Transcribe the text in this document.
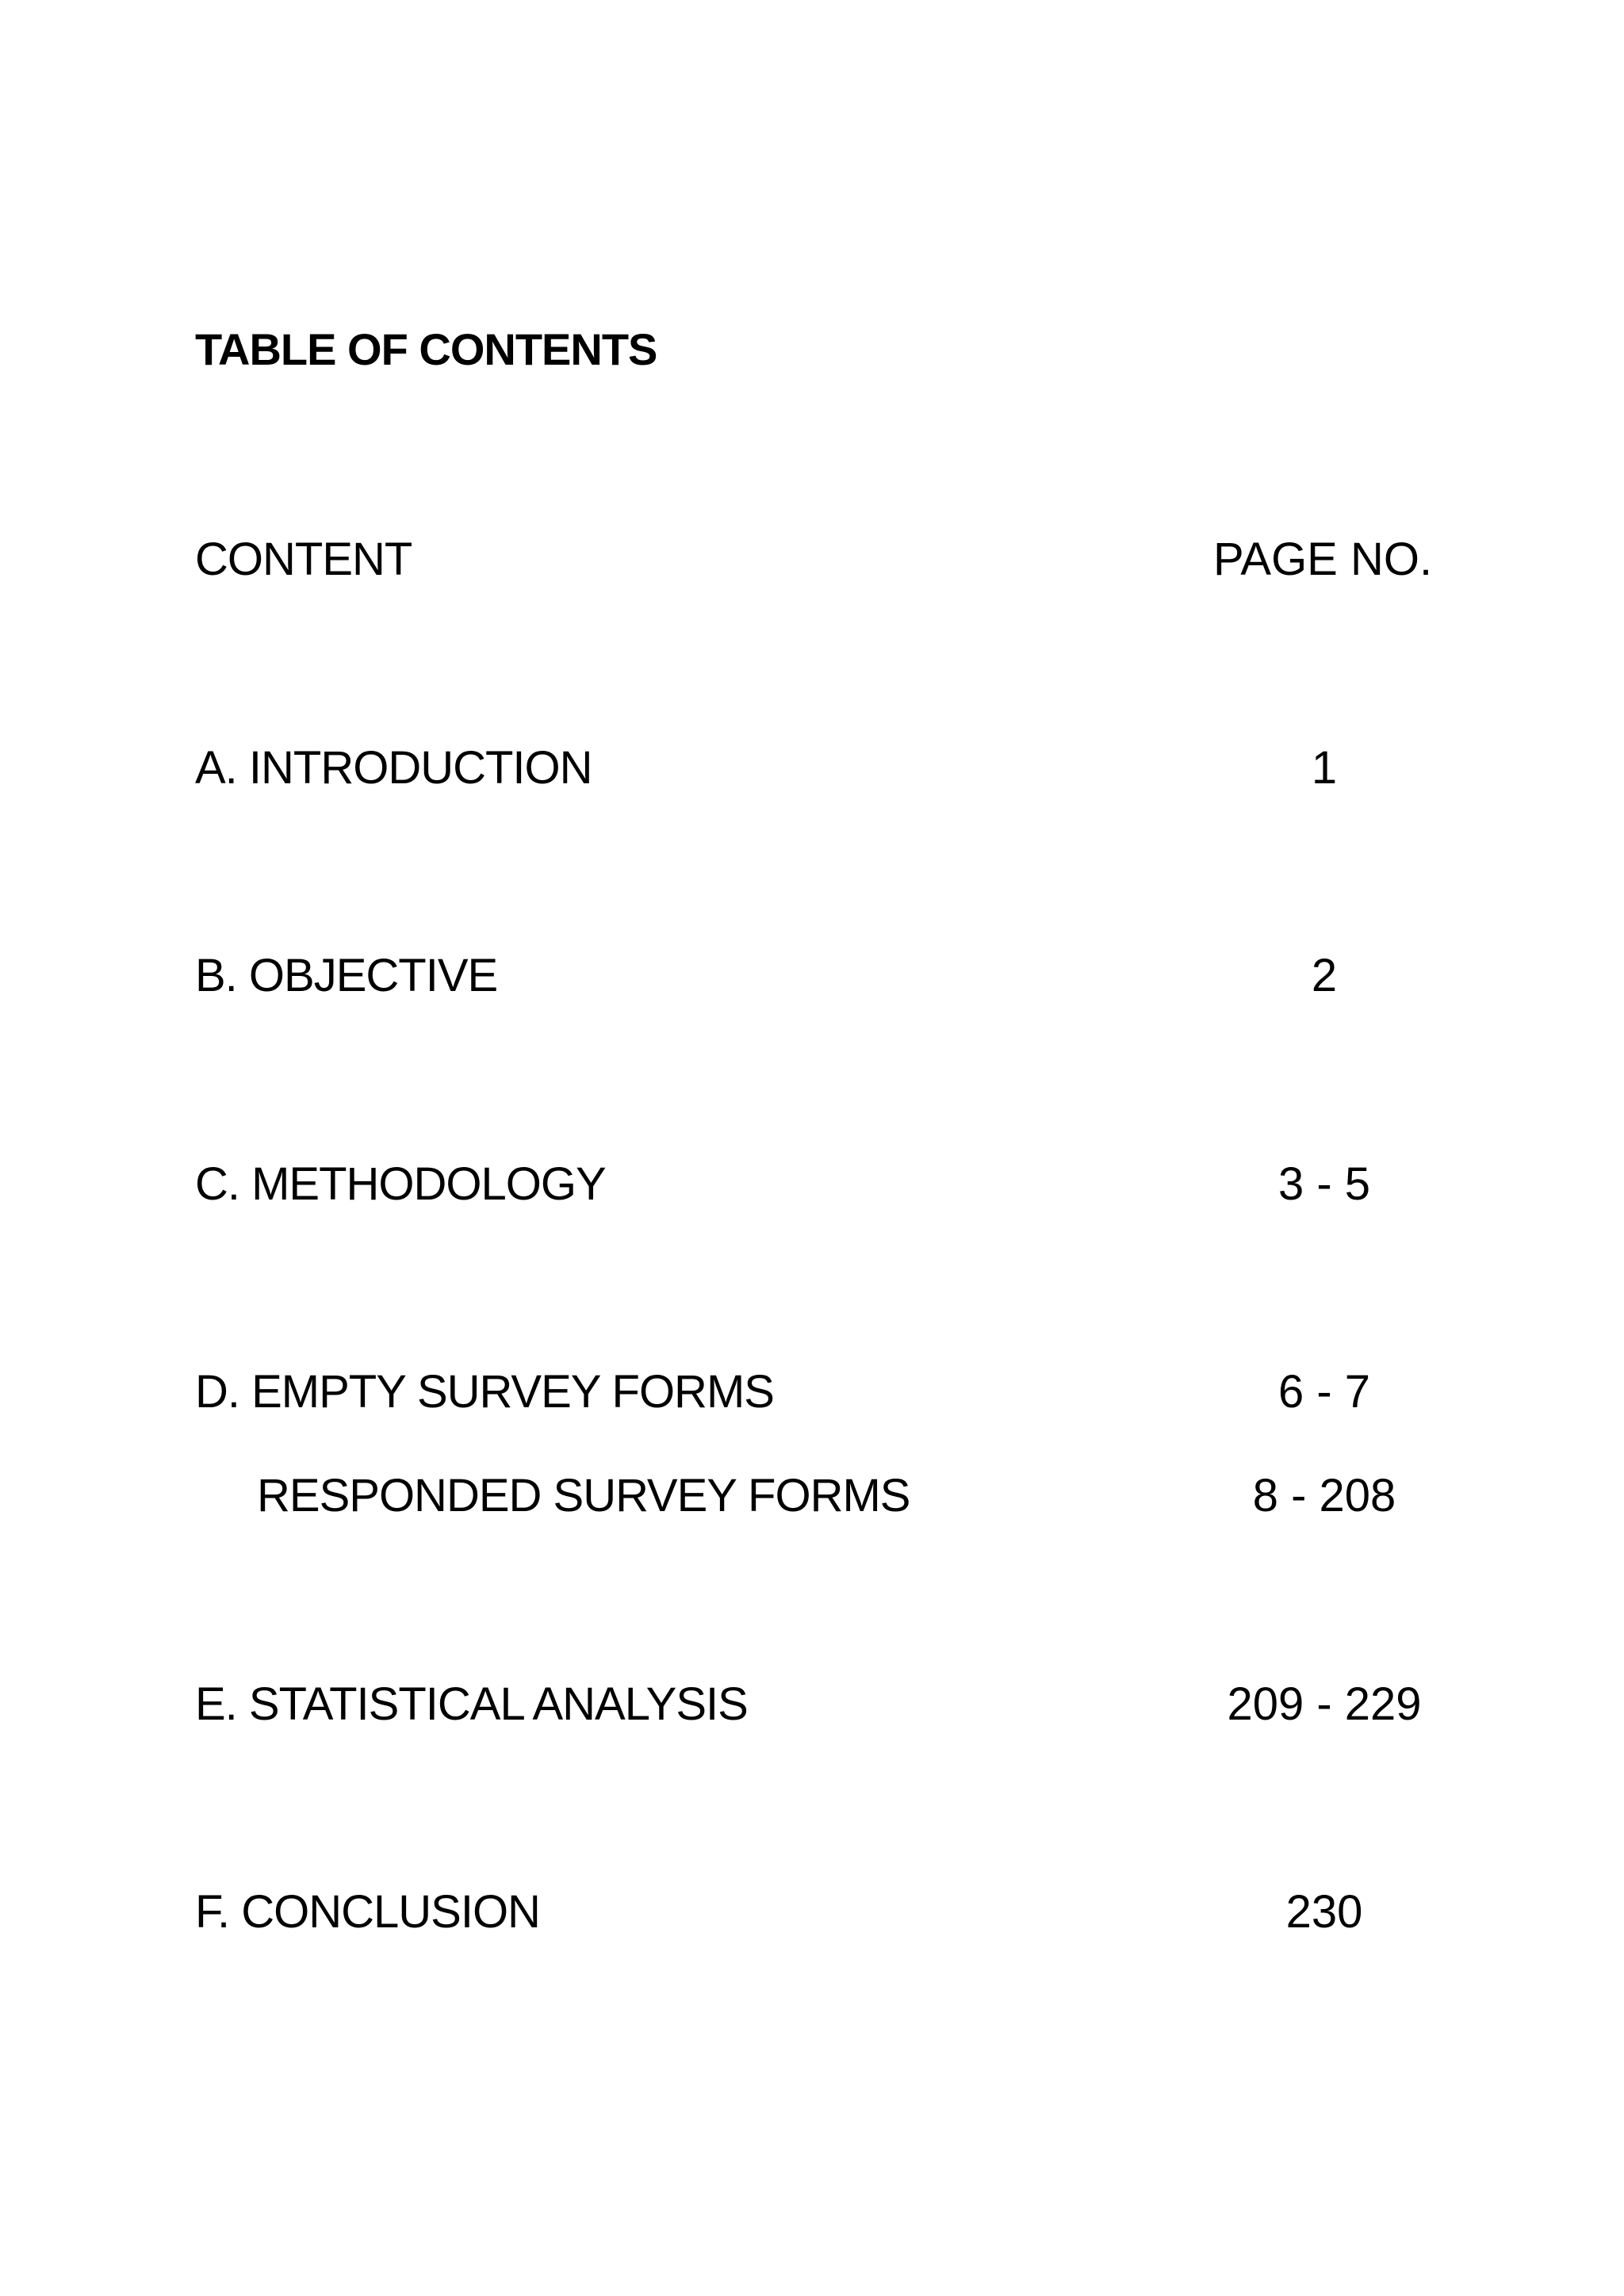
TABLE OF CONTENTS
CONTENT	PAGE NO.
A. INTRODUCTION	1
B. OBJECTIVE	2
C. METHODOLOGY	3 - 5
D. EMPTY SURVEY FORMS	6 - 7
RESPONDED SURVEY FORMS	8 - 208
E. STATISTICAL ANALYSIS	209 - 229
F. CONCLUSION	230
